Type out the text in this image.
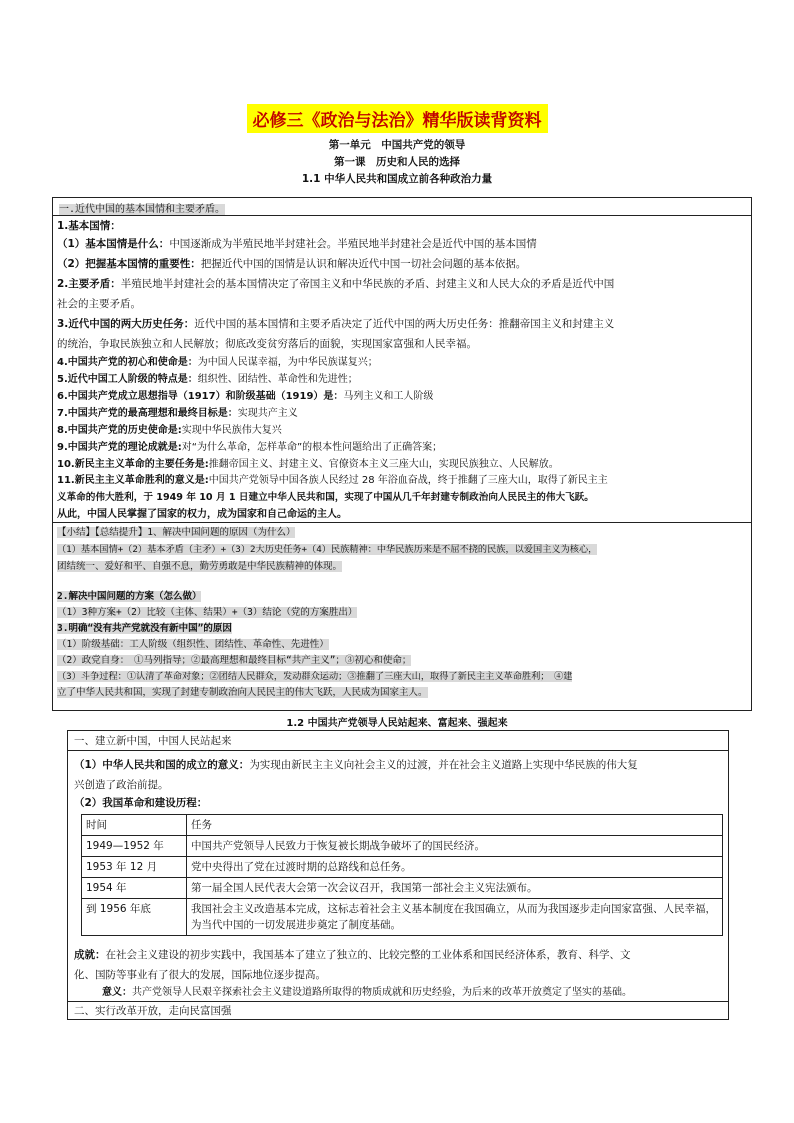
必修三《政治与法治》精华版读背资料
第一单元　中国共产党的领导
第一课　历史和人民的选择
1.1 中华人民共和国成立前各种政治力量
一.近代中国的基本国情和主要矛盾。
1.基本国情：
（1）基本国情是什么：中国逐渐成为半殖民地半封建社会。半殖民地半封建社会是近代中国的基本国情
（2）把握基本国情的重要性：把握近代中国的国情是认识和解决近代中国一切社会问题的基本依据。
2.主要矛盾：半殖民地半封建社会的基本国情决定了帝国主义和中华民族的矛盾、封建主义和人民大众的矛盾是近代中国
社会的主要矛盾。
3.近代中国的两大历史任务：近代中国的基本国情和主要矛盾决定了近代中国的两大历史任务：推翻帝国主义和封建主义
的统治，争取民族独立和人民解放；彻底改变贫穷落后的面貌，实现国家富强和人民幸福。
4.中国共产党的初心和使命是：为中国人民谋幸福，为中华民族谋复兴；
5.近代中国工人阶级的特点是：组织性、团结性、革命性和先进性；
6.中国共产党成立思想指导（1917）和阶级基础（1919）是：马列主义和工人阶级
7.中国共产党的最高理想和最终目标是：实现共产主义
8.中国共产党的历史使命是:实现中华民族伟大复兴
9.中国共产党的理论成就是:对“为什么革命，怎样革命”的根本性问题给出了正确答案；
10.新民主主义革命的主要任务是:推翻帝国主义、封建主义、官僚资本主义三座大山，实现民族独立、人民解放。
11.新民主主义革命胜利的意义是:中国共产党领导中国各族人民经过 28 年浴血奋战，终于推翻了三座大山，取得了新民主主
义革命的伟大胜利，于 1949 年 10 月 1 日建立中华人民共和国，实现了中国从几千年封建专制政治向人民民主的伟大飞跃。
从此，中国人民掌握了国家的权力，成为国家和自己命运的主人。
【小结】【总结提升】1、解决中国问题的原因（为什么）
（1）基本国情+（2）基本矛盾（主矛）+（3）2大历史任务+（4）民族精神：中华民族历来是不屈不挠的民族，以爱国主义为核心，
团结统一、爱好和平、自强不息，勤劳勇敢是中华民族精神的体现。
2.解决中国问题的方案（怎么做）
（1）3种方案+（2）比较（主体、结果）+（3）结论（党的方案胜出）
3.明确“没有共产党就没有新中国”的原因
（1）阶级基础：工人阶级（组织性、团结性、革命性、先进性）
（2）政党自身：　①马列指导；②最高理想和最终目标“共产主义”；③初心和使命；
（3）斗争过程：①认清了革命对象；②团结人民群众，发动群众运动；③推翻了三座大山，取得了新民主主义革命胜利；　④建
立了中华人民共和国，实现了封建专制政治向人民民主的伟大飞跃，人民成为国家主人。
1.2 中国共产党领导人民站起来、富起来、强起来
一、建立新中国，中国人民站起来
（1）中华人民共和国的成立的意义：为实现由新民主主义向社会主义的过渡，并在社会主义道路上实现中华民族的伟大复
兴创造了政治前提。
（2）我国革命和建设历程：
时间	任务
1949—1952 年	中国共产党领导人民致力于恢复被长期战争破坏了的国民经济。
1953 年 12 月	党中央得出了党在过渡时期的总路线和总任务。
1954 年	第一届全国人民代表大会第一次会议召开，我国第一部社会主义宪法颁布。
到 1956 年底	我国社会主义改造基本完成，这标志着社会主义基本制度在我国确立，从而为我国逐步走向国家富强、人民幸福，为当代中国的一切发展进步奠定了制度基础。
成就：在社会主义建设的初步实践中，我国基本了建立了独立的、比较完整的工业体系和国民经济体系，教育、科学、文
化、国防等事业有了很大的发展，国际地位逐步提高。
意义：共产党领导人民艰辛探索社会主义建设道路所取得的物质成就和历史经验，为后来的改革开放奠定了坚实的基础。
二、实行改革开放，走向民富国强
